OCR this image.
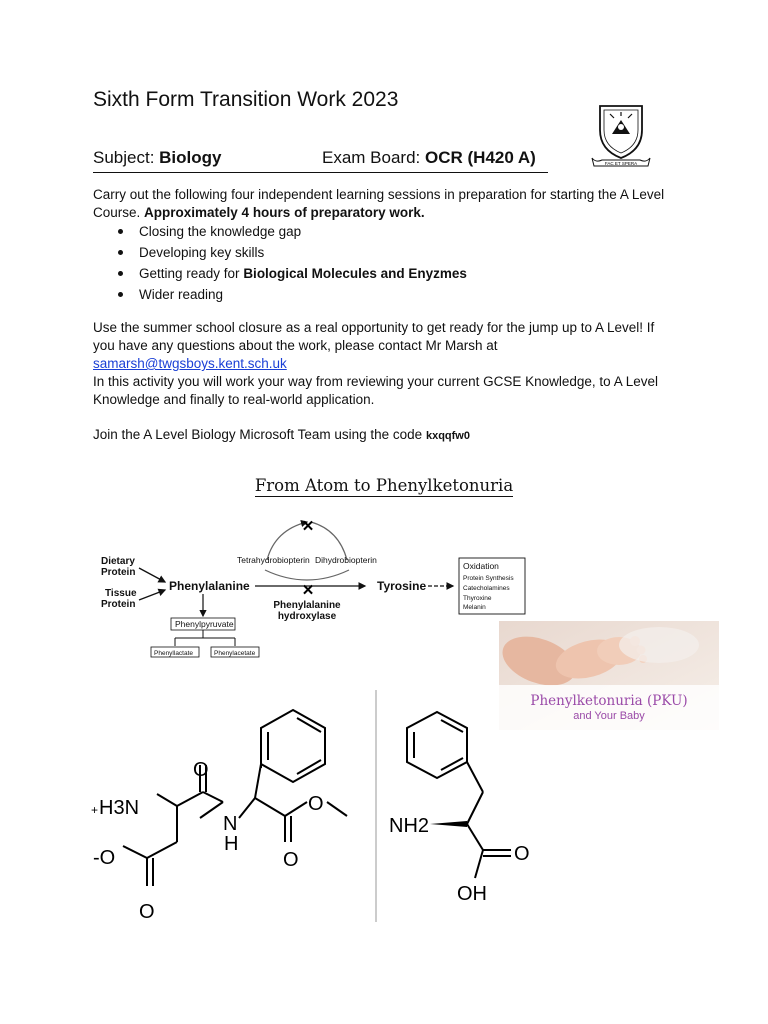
Sixth Form Transition Work 2023
Subject: Biology	Exam Board: OCR (H420 A)	FAC ET SPERA
Carry out the following four independent learning sessions in preparation for starting the A Level Course. Approximately 4 hours of preparatory work.
Closing the knowledge gap
Developing key skills
Getting ready for Biological Molecules and Enyzmes
Wider reading
Use the summer school closure as a real opportunity to get ready for the jump up to A Level! If you have any questions about the work, please contact Mr Marsh at
samarsh@twgsboys.kent.sch.uk
In this activity you will work your way from reviewing your current GCSE Knowledge, to A Level Knowledge and finally to real-world application.
Join the A Level Biology Microsoft Team using the code kxqqfw0
From Atom to Phenylketonuria
Dietary
Protein
Tissue
Protein
Phenylalanine
✕
Tetrahydrobiopterin Dihydrobiopterin
✕
Phenylalanine
hydroxylase
Tyrosine
Oxidation
Protein Synthesis
Catecholamines
Thyroxine
Melanin
Phenylpyruvate
Phenyllactate	Phenylacetate
Phenylketonuria (PKU)
and Your Baby
O
+ H3N
N
H
O
O
-O
O
NH2
O
OH
